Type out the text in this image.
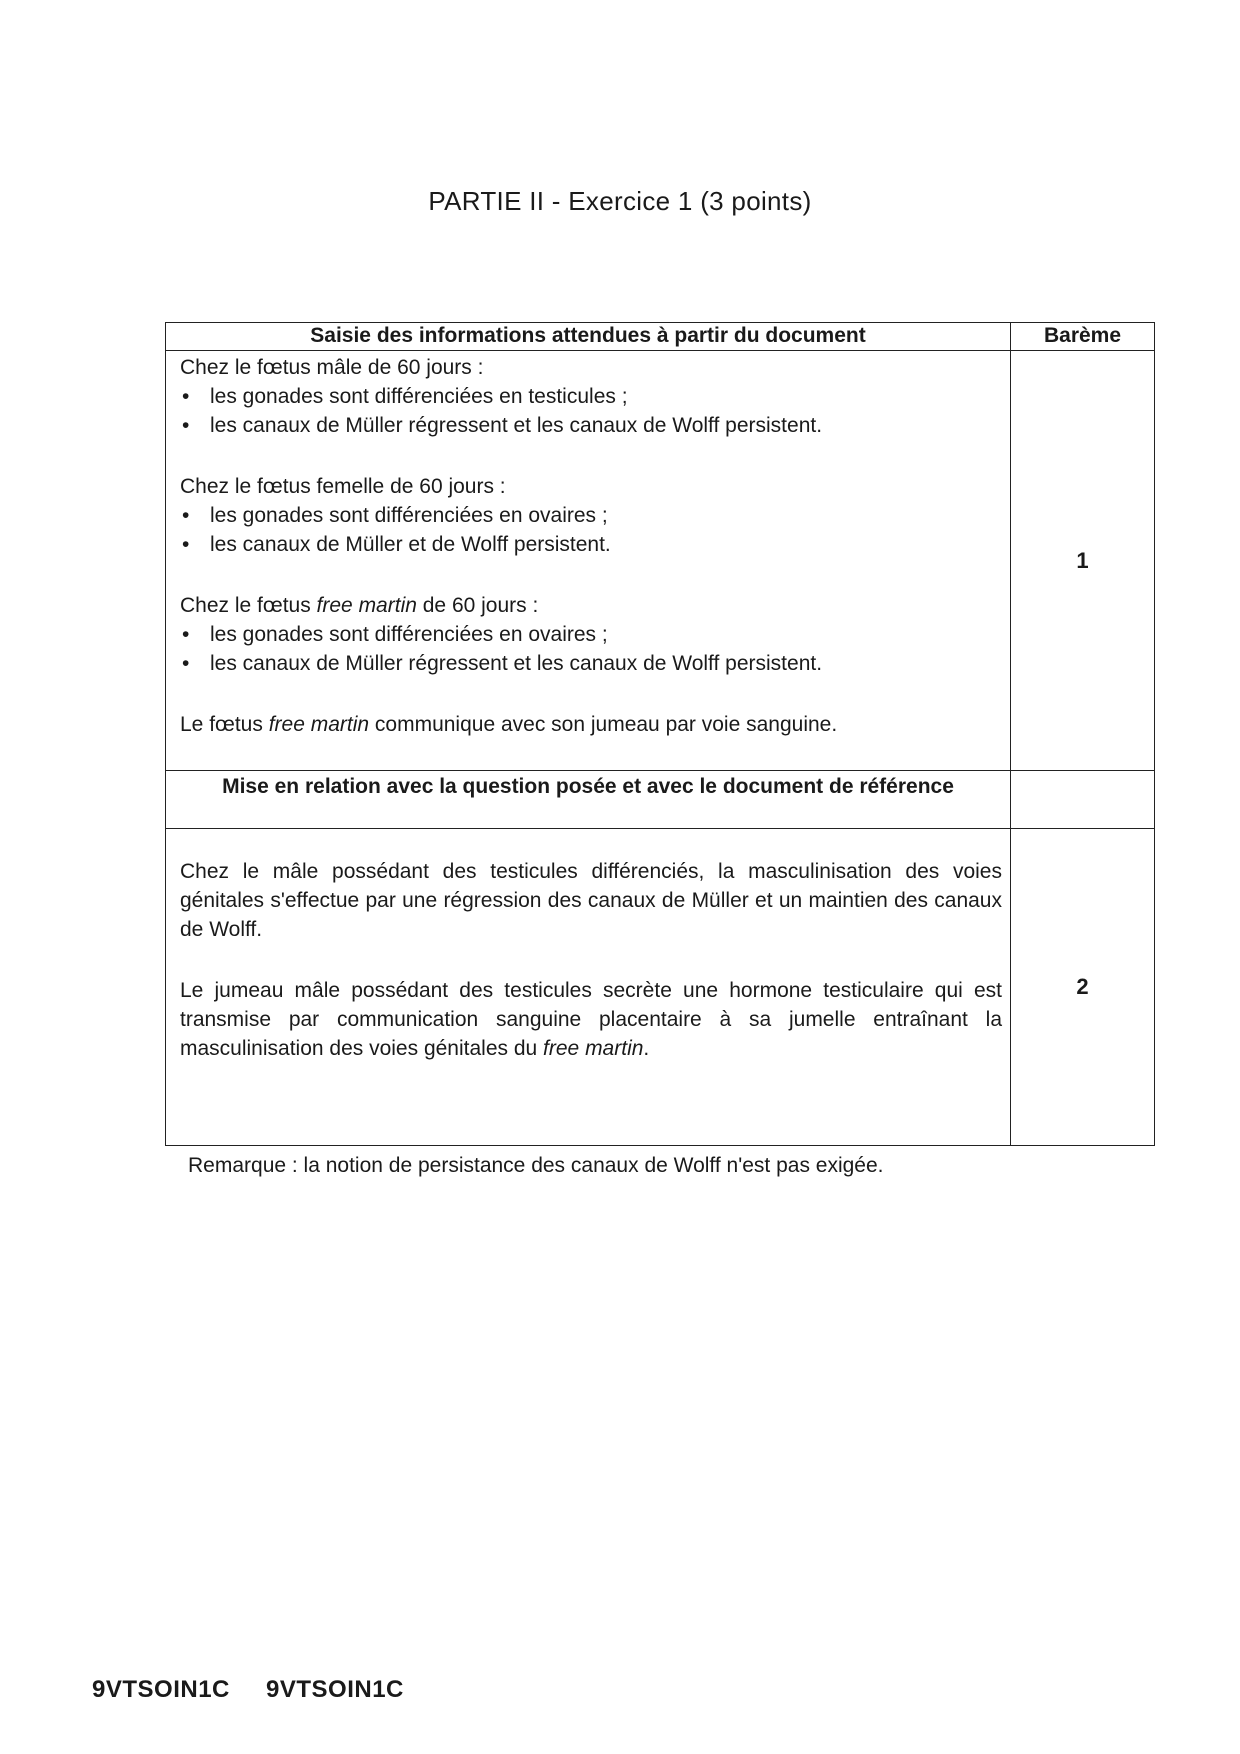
PARTIE II - Exercice 1 (3 points)
Saisie des informations attendues à partir du document	Barème

Chez le fœtus mâle de 60 jours :

• les gonades sont différenciées en testicules ;
• les canaux de Müller régressent et les canaux de Wolff persistent.

Chez le fœtus femelle de 60 jours :

• les gonades sont différenciées en ovaires ;
• les canaux de Müller et de Wolff persistent.

Chez le fœtus free martin de 60 jours :

• les gonades sont différenciées en ovaires ;
• les canaux de Müller régressent et les canaux de Wolff persistent.

Le fœtus free martin communique avec son jumeau par voie sanguine.

1
Mise en relation avec la question posée et avec le document de référence

Chez le mâle possédant des testicules différenciés, la masculinisation des voies génitales s'effectue par une régression des canaux de Müller et un maintien des canaux de Wolff.

Le jumeau mâle possédant des testicules secrète une hormone testiculaire qui est transmise par communication sanguine placentaire à sa jumelle entraînant la masculinisation des voies génitales du free martin.

2
Remarque : la notion de persistance des canaux de Wolff n'est pas exigée.
9VTSOIN1C 9VTSOIN1C
